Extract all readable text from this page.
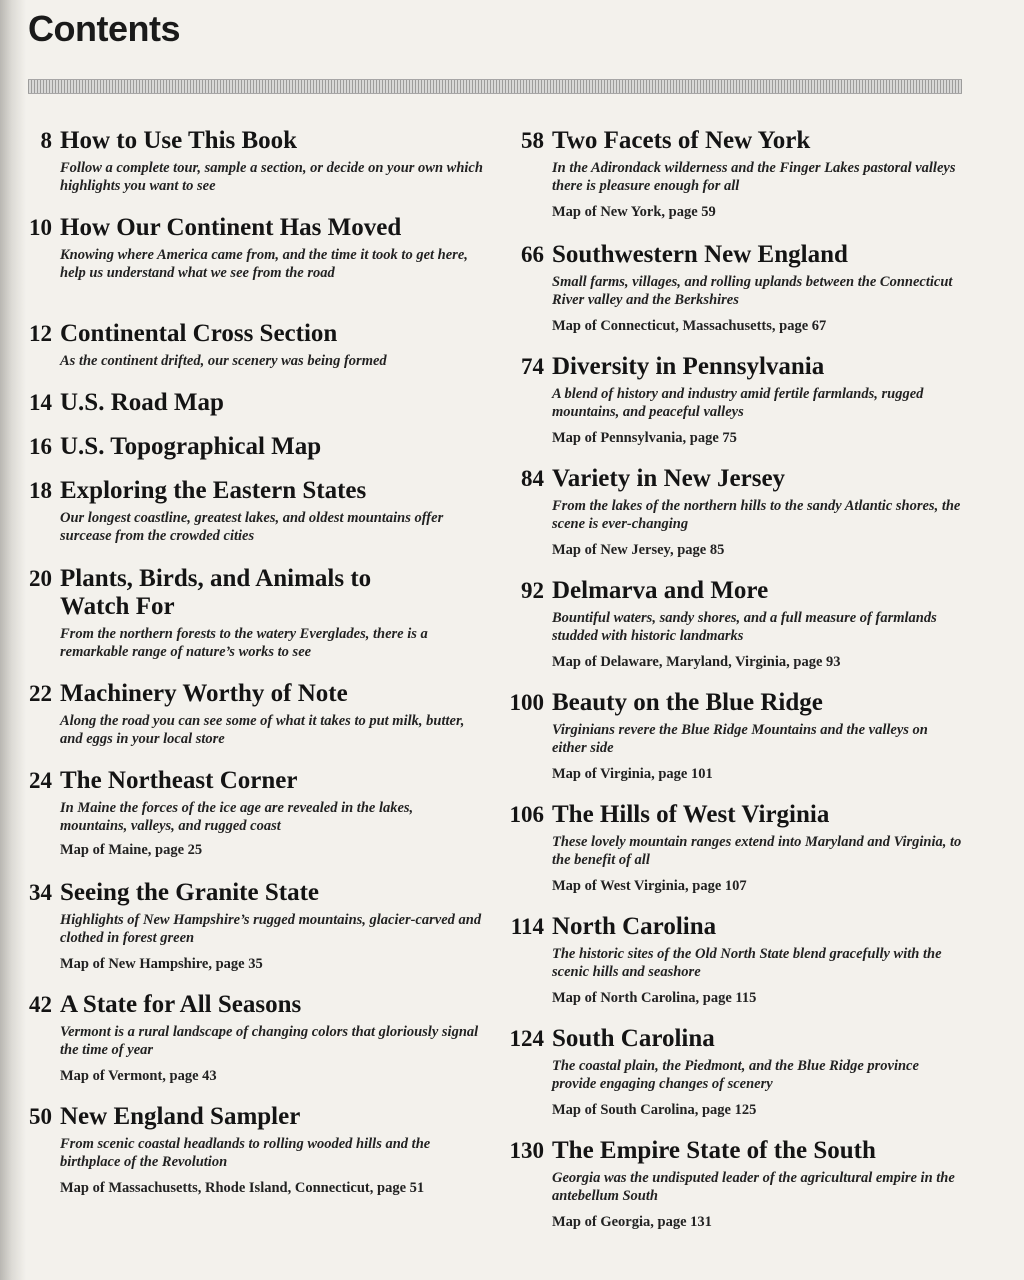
Contents
8 How to Use This Book
Follow a complete tour, sample a section, or decide on your own which highlights you want to see
10 How Our Continent Has Moved
Knowing where America came from, and the time it took to get here, help us understand what we see from the road
12 Continental Cross Section
As the continent drifted, our scenery was being formed
14 U.S. Road Map
16 U.S. Topographical Map
18 Exploring the Eastern States
Our longest coastline, greatest lakes, and oldest mountains offer surcease from the crowded cities
20 Plants, Birds, and Animals to Watch For
From the northern forests to the watery Everglades, there is a remarkable range of nature’s works to see
22 Machinery Worthy of Note
Along the road you can see some of what it takes to put milk, butter, and eggs in your local store
24 The Northeast Corner
In Maine the forces of the ice age are revealed in the lakes, mountains, valleys, and rugged coast
Map of Maine, page 25
34 Seeing the Granite State
Highlights of New Hampshire’s rugged mountains, glacier-carved and clothed in forest green
Map of New Hampshire, page 35
42 A State for All Seasons
Vermont is a rural landscape of changing colors that gloriously signal the time of year
Map of Vermont, page 43
50 New England Sampler
From scenic coastal headlands to rolling wooded hills and the birthplace of the Revolution
Map of Massachusetts, Rhode Island, Connecticut, page 51
58 Two Facets of New York
In the Adirondack wilderness and the Finger Lakes pastoral valleys there is pleasure enough for all
Map of New York, page 59
66 Southwestern New England
Small farms, villages, and rolling uplands between the Connecticut River valley and the Berkshires
Map of Connecticut, Massachusetts, page 67
74 Diversity in Pennsylvania
A blend of history and industry amid fertile farmlands, rugged mountains, and peaceful valleys
Map of Pennsylvania, page 75
84 Variety in New Jersey
From the lakes of the northern hills to the sandy Atlantic shores, the scene is ever-changing
Map of New Jersey, page 85
92 Delmarva and More
Bountiful waters, sandy shores, and a full measure of farmlands studded with historic landmarks
Map of Delaware, Maryland, Virginia, page 93
100 Beauty on the Blue Ridge
Virginians revere the Blue Ridge Mountains and the valleys on either side
Map of Virginia, page 101
106 The Hills of West Virginia
These lovely mountain ranges extend into Maryland and Virginia, to the benefit of all
Map of West Virginia, page 107
114 North Carolina
The historic sites of the Old North State blend gracefully with the scenic hills and seashore
Map of North Carolina, page 115
124 South Carolina
The coastal plain, the Piedmont, and the Blue Ridge province provide engaging changes of scenery
Map of South Carolina, page 125
130 The Empire State of the South
Georgia was the undisputed leader of the agricultural empire in the antebellum South
Map of Georgia, page 131
